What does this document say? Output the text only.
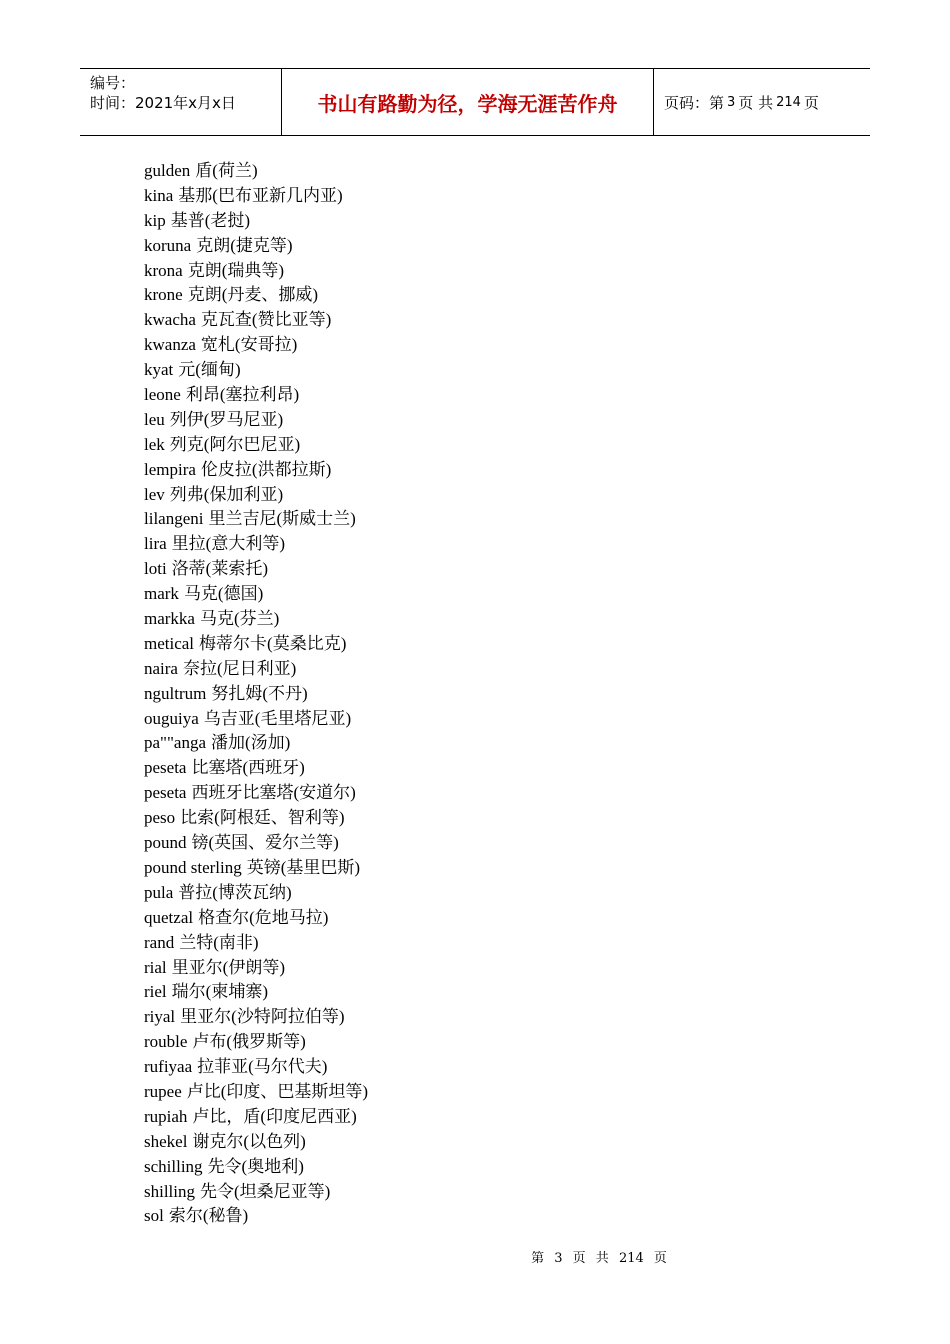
编号：
时间：2021年x月x日	书山有路勤为径，学海无涯苦作舟	页码：第 3 页 共 214 页
gulden 盾(荷兰)
kina 基那(巴布亚新几内亚)
kip 基普(老挝)
koruna 克朗(捷克等)
krona 克朗(瑞典等)
krone 克朗(丹麦、挪威)
kwacha 克瓦查(赞比亚等)
kwanza 宽札(安哥拉)
kyat 元(缅甸)
leone 利昂(塞拉利昂)
leu 列伊(罗马尼亚)
lek 列克(阿尔巴尼亚)
lempira 伦皮拉(洪都拉斯)
lev 列弗(保加利亚)
lilangeni 里兰吉尼(斯威士兰)
lira 里拉(意大利等)
loti 洛蒂(莱索托)
mark 马克(德国)
markka 马克(芬兰)
metical 梅蒂尔卡(莫桑比克)
naira 奈拉(尼日利亚)
ngultrum 努扎姆(不丹)
ouguiya 乌吉亚(毛里塔尼亚)
pa""anga 潘加(汤加)
peseta 比塞塔(西班牙)
peseta 西班牙比塞塔(安道尔)
peso 比索(阿根廷、智利等)
pound 镑(英国、爱尔兰等)
pound sterling 英镑(基里巴斯)
pula 普拉(博茨瓦纳)
quetzal 格查尔(危地马拉)
rand 兰特(南非)
rial 里亚尔(伊朗等)
riel 瑞尔(柬埔寨)
riyal 里亚尔(沙特阿拉伯等)
rouble 卢布(俄罗斯等)
rufiyaa 拉菲亚(马尔代夫)
rupee 卢比(印度、巴基斯坦等)
rupiah 卢比，盾(印度尼西亚)
shekel 谢克尔(以色列)
schilling 先令(奥地利)
shilling 先令(坦桑尼亚等)
sol 索尔(秘鲁)
第 3 页 共 214 页
